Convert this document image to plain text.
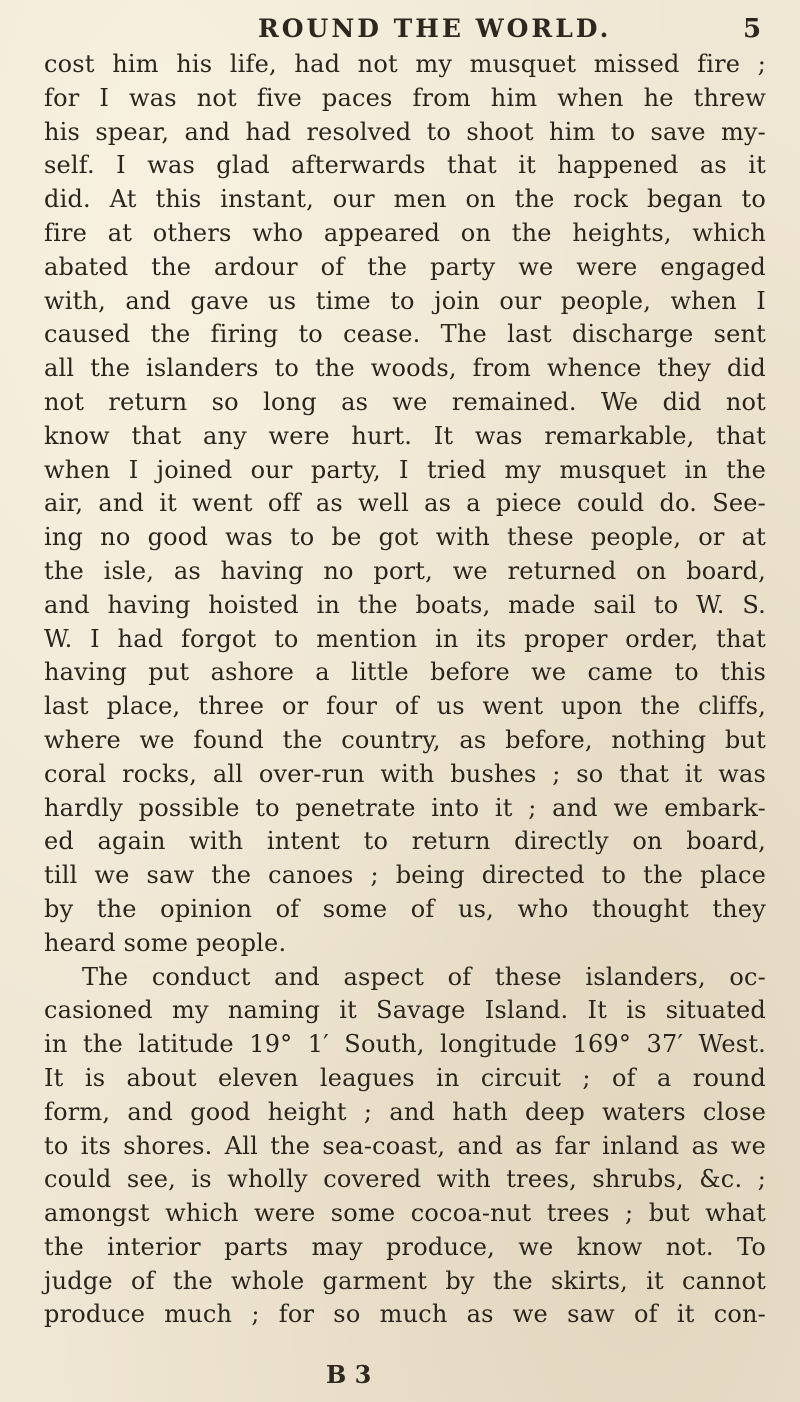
ROUND THE WORLD.	5
cost him his life, had not my musquet missed fire ;
for I was not five paces from him when he threw
his spear, and had resolved to shoot him to save my-
self. I was glad afterwards that it happened as it
did. At this instant, our men on the rock began to
fire at others who appeared on the heights, which
abated the ardour of the party we were engaged
with, and gave us time to join our people, when I
caused the firing to cease. The last discharge sent
all the islanders to the woods, from whence they did
not return so long as we remained. We did not
know that any were hurt. It was remarkable, that
when I joined our party, I tried my musquet in the
air, and it went off as well as a piece could do. See-
ing no good was to be got with these people, or at
the isle, as having no port, we returned on board,
and having hoisted in the boats, made sail to W. S.
W. I had forgot to mention in its proper order, that
having put ashore a little before we came to this
last place, three or four of us went upon the cliffs,
where we found the country, as before, nothing but
coral rocks, all over-run with bushes ; so that it was
hardly possible to penetrate into it ; and we embark-
ed again with intent to return directly on board,
till we saw the canoes ; being directed to the place
by the opinion of some of us, who thought they
heard some people.
The conduct and aspect of these islanders, oc-
casioned my naming it Savage Island. It is situated
in the latitude 19° 1′ South, longitude 169° 37′ West.
It is about eleven leagues in circuit ; of a round
form, and good height ; and hath deep waters close
to its shores. All the sea-coast, and as far inland as we
could see, is wholly covered with trees, shrubs, &c. ;
amongst which were some cocoa-nut trees ; but what
the interior parts may produce, we know not. To
judge of the whole garment by the skirts, it cannot
produce much ; for so much as we saw of it con-
B 3
